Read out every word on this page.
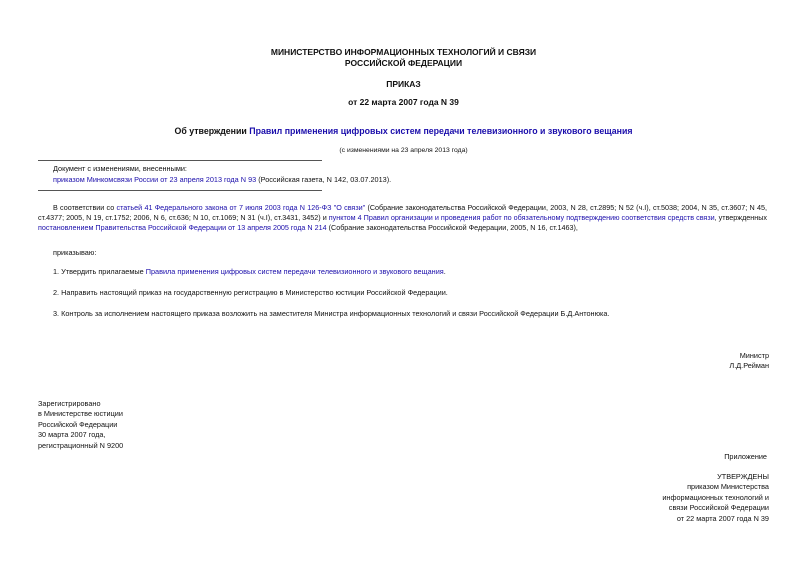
МИНИСТЕРСТВО ИНФОРМАЦИОННЫХ ТЕХНОЛОГИЙ И СВЯЗИ
РОССИЙСКОЙ ФЕДЕРАЦИИ
ПРИКАЗ
от 22 марта 2007 года N 39
Об утверждении Правил применения цифровых систем передачи телевизионного и звукового вещания
(с изменениями на 23 апреля 2013 года)
Документ с изменениями, внесенными:
приказом Минкомсвязи России от 23 апреля 2013 года N 93 (Российская газета, N 142, 03.07.2013).
В соответствии со статьей 41 Федерального закона от 7 июля 2003 года N 126-ФЗ "О связи" (Собрание законодательства Российской Федерации, 2003, N 28, ст.2895; N 52 (ч.I), ст.5038; 2004, N 35, ст.3607; N 45, ст.4377; 2005, N 19, ст.1752; 2006, N 6, ст.636; N 10, ст.1069; N 31 (ч.I), ст.3431, 3452) и пунктом 4 Правил организации и проведения работ по обязательному подтверждению соответствия средств связи, утвержденных постановлением Правительства Российской Федерации от 13 апреля 2005 года N 214 (Собрание законодательства Российской Федерации, 2005, N 16, ст.1463),
приказываю:
1. Утвердить прилагаемые Правила применения цифровых систем передачи телевизионного и звукового вещания.
2. Направить настоящий приказ на государственную регистрацию в Министерство юстиции Российской Федерации.
3. Контроль за исполнением настоящего приказа возложить на заместителя Министра информационных технологий и связи Российской Федерации Б.Д.Антонюка.
Министр
Л.Д.Рейман
Зарегистрировано
в Министерстве юстиции
Российской Федерации
30 марта 2007 года,
регистрационный N 9200
Приложение
УТВЕРЖДЕНЫ
приказом Министерства
информационных технологий и
связи Российской Федерации
от 22 марта 2007 года N 39
